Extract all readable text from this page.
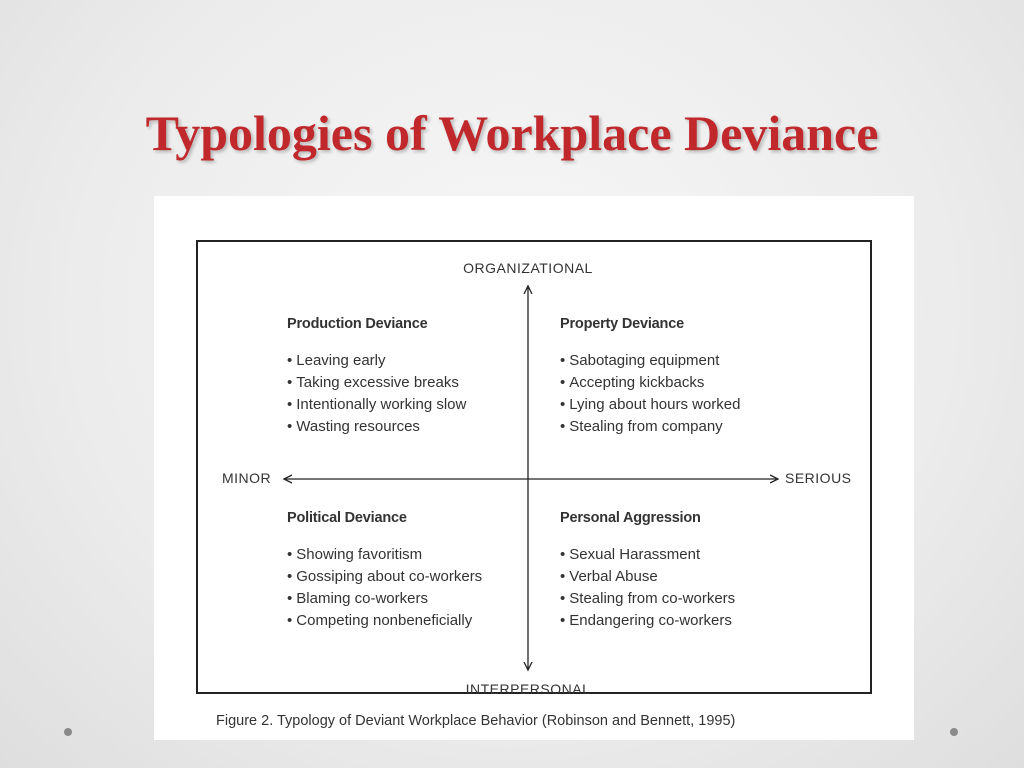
Typologies of Workplace Deviance
ORGANIZATIONAL
INTERPERSONAL
MINOR	SERIOUS
Production Deviance
• Leaving early
• Taking excessive breaks
• Intentionally working slow
• Wasting resources
Property Deviance
• Sabotaging equipment
• Accepting kickbacks
• Lying about hours worked
• Stealing from company
Political Deviance
• Showing favoritism
• Gossiping about co-workers
• Blaming co-workers
• Competing nonbeneficially
Personal Aggression
• Sexual Harassment
• Verbal Abuse
• Stealing from co-workers
• Endangering co-workers
Figure 2. Typology of Deviant Workplace Behavior (Robinson and Bennett, 1995)
